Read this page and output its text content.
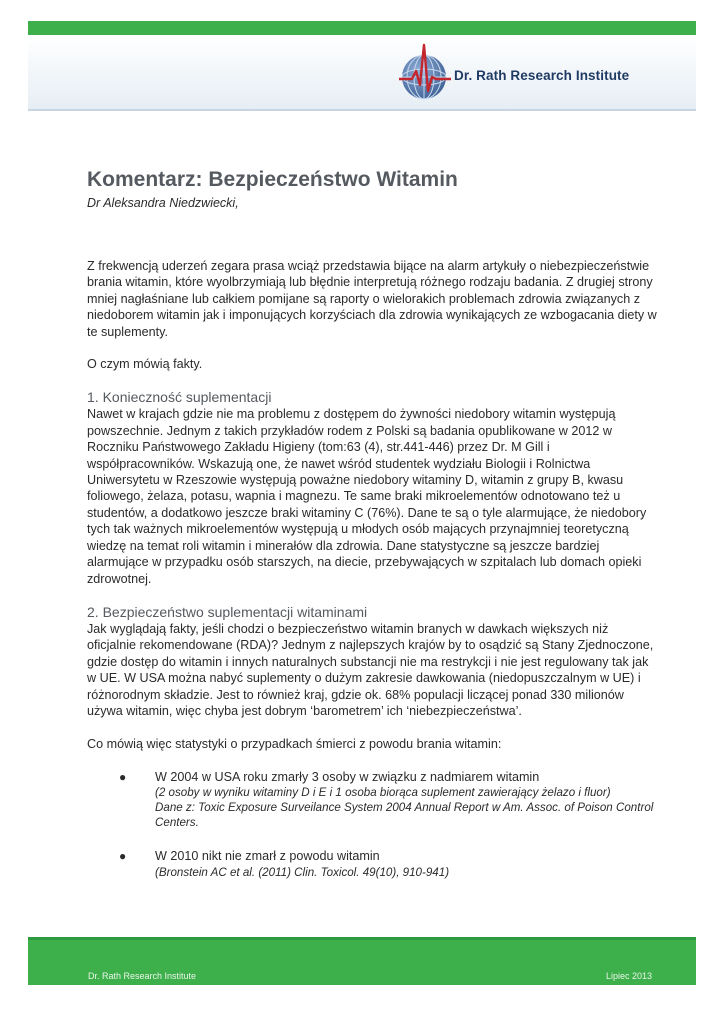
Dr. Rath Research Institute
Komentarz: Bezpieczeństwo Witamin
Dr Aleksandra Niedzwiecki,

Z frekwencją uderzeń zegara prasa wciąż przedstawia bijące na alarm artykuły o niebezpieczeństwie brania witamin, które wyolbrzymiają lub błędnie interpretują różnego rodzaju badania. Z drugiej strony mniej nagłaśniane lub całkiem pomijane są raporty o wielorakich problemach zdrowia związanych z niedoborem witamin jak i imponujących korzyściach dla zdrowia wynikających ze wzbogacania diety w te suplementy.

O czym mówią fakty.

1. Konieczność suplementacji

Nawet w krajach gdzie nie ma problemu z dostępem do żywności niedobory witamin występują powszechnie. Jednym z takich przykładów rodem z Polski są badania opublikowane w 2012 w Roczniku Państwowego Zakładu Higieny (tom:63 (4), str.441-446) przez Dr. M Gill i współpracowników. Wskazują one, że nawet wśród studentek wydziału Biologii i Rolnictwa Uniwersytetu w Rzeszowie występują poważne niedobory witaminy D, witamin z grupy B, kwasu foliowego, żelaza, potasu, wapnia i magnezu. Te same braki mikroelementów odnotowano też u studentów, a dodatkowo jeszcze braki witaminy C (76%). Dane te są o tyle alarmujące, że niedobory tych tak ważnych mikroelementów występują u młodych osób mających przynajmniej teoretyczną wiedzę na temat roli witamin i minerałów dla zdrowia. Dane statystyczne są jeszcze bardziej alarmujące w przypadku osób starszych, na diecie, przebywających w szpitalach lub domach opieki zdrowotnej.

2. Bezpieczeństwo suplementacji witaminami

Jak wyglądają fakty, jeśli chodzi o bezpieczeństwo witamin branych w dawkach większych niż oficjalnie rekomendowane (RDA)? Jednym z najlepszych krajów by to osądzić są Stany Zjednoczone, gdzie dostęp do witamin i innych naturalnych substancji nie ma restrykcji i nie jest regulowany tak jak w UE. W USA można nabyć suplementy o dużym zakresie dawkowania (niedopuszczalnym w UE) i różnorodnym składzie. Jest to również kraj, gdzie ok. 68% populacji liczącej ponad 330 milionów używa witamin, więc chyba jest dobrym ‘barometrem’ ich ‘niebezpieczeństwa’.

Co mówią więc statystyki o przypadkach śmierci z powodu brania witamin:

● W 2004 w USA roku zmarły 3 osoby w związku z nadmiarem witamin
(2 osoby w wyniku witaminy D i E i 1 osoba biorąca suplement zawierający żelazo i fluor)
Dane z: Toxic Exposure Surveilance System 2004 Annual Report w Am. Assoc. of Poison Control Centers.
● W 2010 nikt nie zmarł z powodu witamin
(Bronstein AC et al. (2011) Clin. Toxicol. 49(10), 910-941)
Dr. Rath Research Institute	Lipiec 2013
